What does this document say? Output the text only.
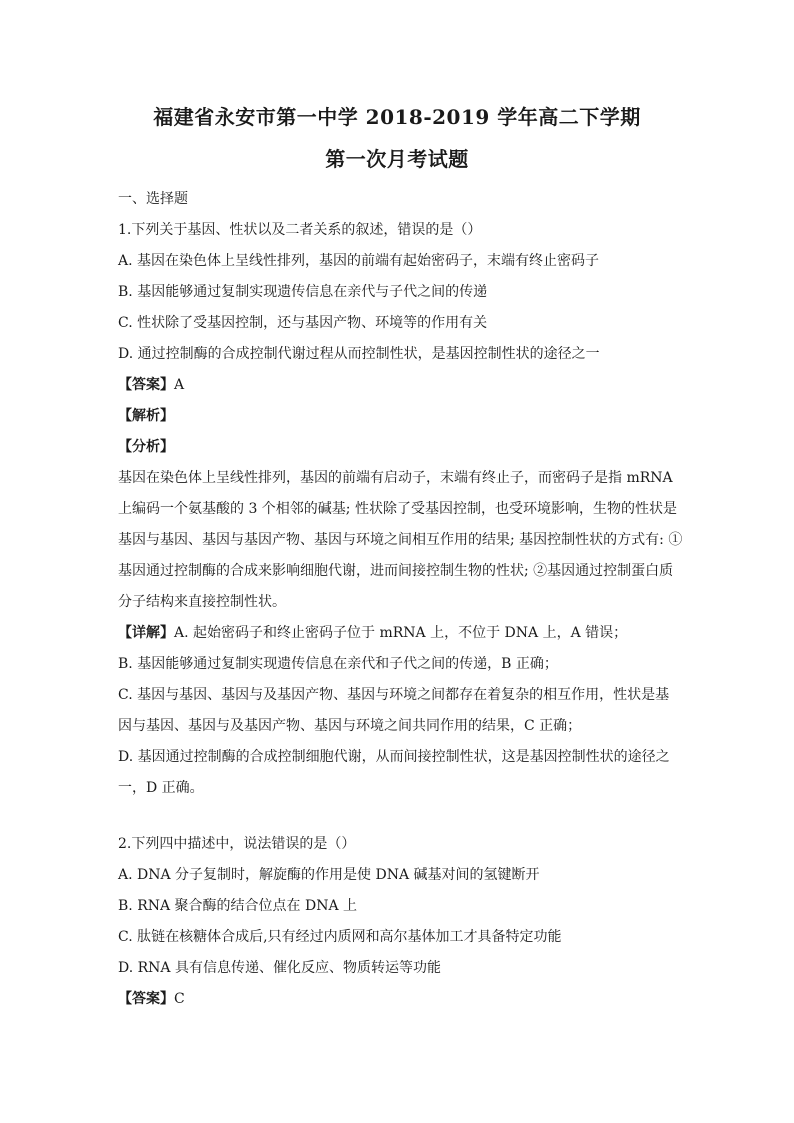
福建省永安市第一中学 2018-2019 学年高二下学期
第一次月考试题
一、选择题
1.下列关于基因、性状以及二者关系的叙述，错误的是（）
A. 基因在染色体上呈线性排列，基因的前端有起始密码子，末端有终止密码子
B. 基因能够通过复制实现遗传信息在亲代与子代之间的传递
C. 性状除了受基因控制，还与基因产物、环境等的作用有关
D. 通过控制酶的合成控制代谢过程从而控制性状，是基因控制性状的途径之一
【答案】A
【解析】
【分析】
基因在染色体上呈线性排列，基因的前端有启动子，末端有终止子，而密码子是指 mRNA
上编码一个氨基酸的 3 个相邻的碱基; 性状除了受基因控制，也受环境影响，生物的性状是
基因与基因、基因与基因产物、基因与环境之间相互作用的结果; 基因控制性状的方式有: ①
基因通过控制酶的合成来影响细胞代谢，进而间接控制生物的性状; ②基因通过控制蛋白质
分子结构来直接控制性状。
【详解】A. 起始密码子和终止密码子位于 mRNA 上，不位于 DNA 上，A 错误；
B. 基因能够通过复制实现遗传信息在亲代和子代之间的传递，B 正确；
C. 基因与基因、基因与及基因产物、基因与环境之间都存在着复杂的相互作用，性状是基
因与基因、基因与及基因产物、基因与环境之间共同作用的结果，C 正确；
D. 基因通过控制酶的合成控制细胞代谢，从而间接控制性状，这是基因控制性状的途径之
一，D 正确。
2.下列四中描述中，说法错误的是（）
A. DNA 分子复制时，解旋酶的作用是使 DNA 碱基对间的氢键断开
B. RNA 聚合酶的结合位点在 DNA 上
C. 肽链在核糖体合成后,只有经过内质网和高尔基体加工才具备特定功能
D. RNA 具有信息传递、催化反应、物质转运等功能
【答案】C
